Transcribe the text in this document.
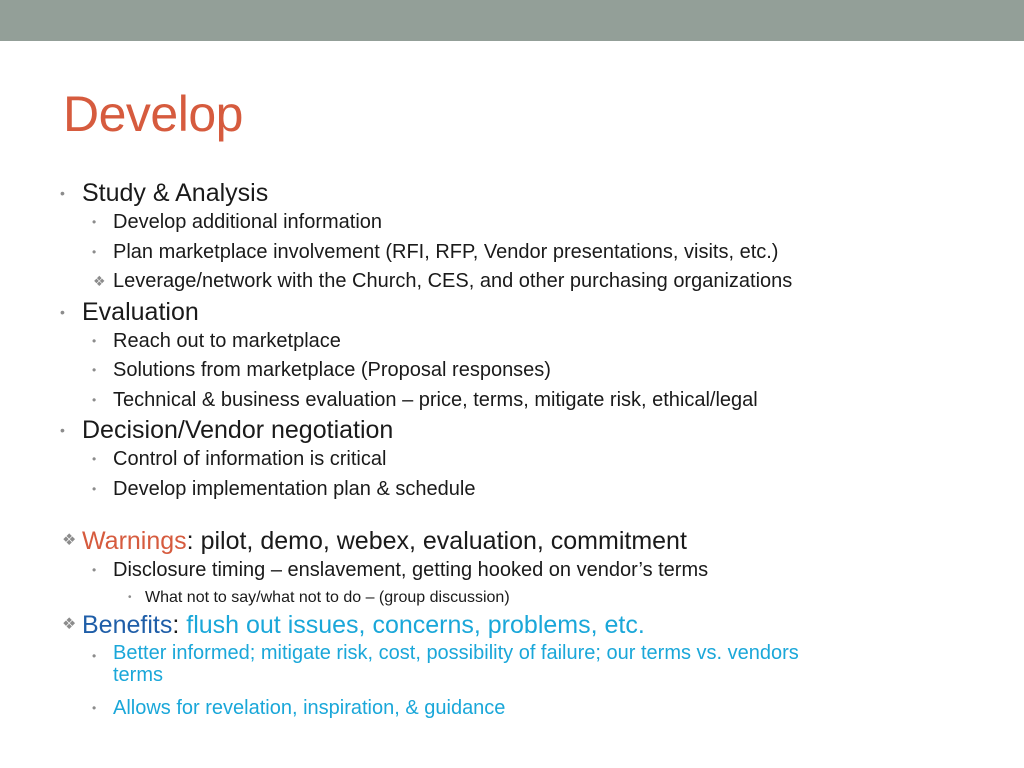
Develop
• Study & Analysis
• Develop additional information
• Plan marketplace involvement (RFI, RFP, Vendor presentations, visits, etc.)
❖ Leverage/network with the Church, CES, and other purchasing organizations
• Evaluation
• Reach out to marketplace
• Solutions from marketplace (Proposal responses)
• Technical & business evaluation – price, terms, mitigate risk, ethical/legal
• Decision/Vendor negotiation
• Control of information is critical
• Develop implementation plan & schedule
❖ Warnings: pilot, demo, webex, evaluation, commitment
• Disclosure timing – enslavement, getting hooked on vendor’s terms
• What not to say/what not to do – (group discussion)
❖ Benefits: flush out issues, concerns, problems, etc.
• Better informed; mitigate risk, cost, possibility of failure; our terms vs. vendors
terms
• Allows for revelation, inspiration, & guidance
